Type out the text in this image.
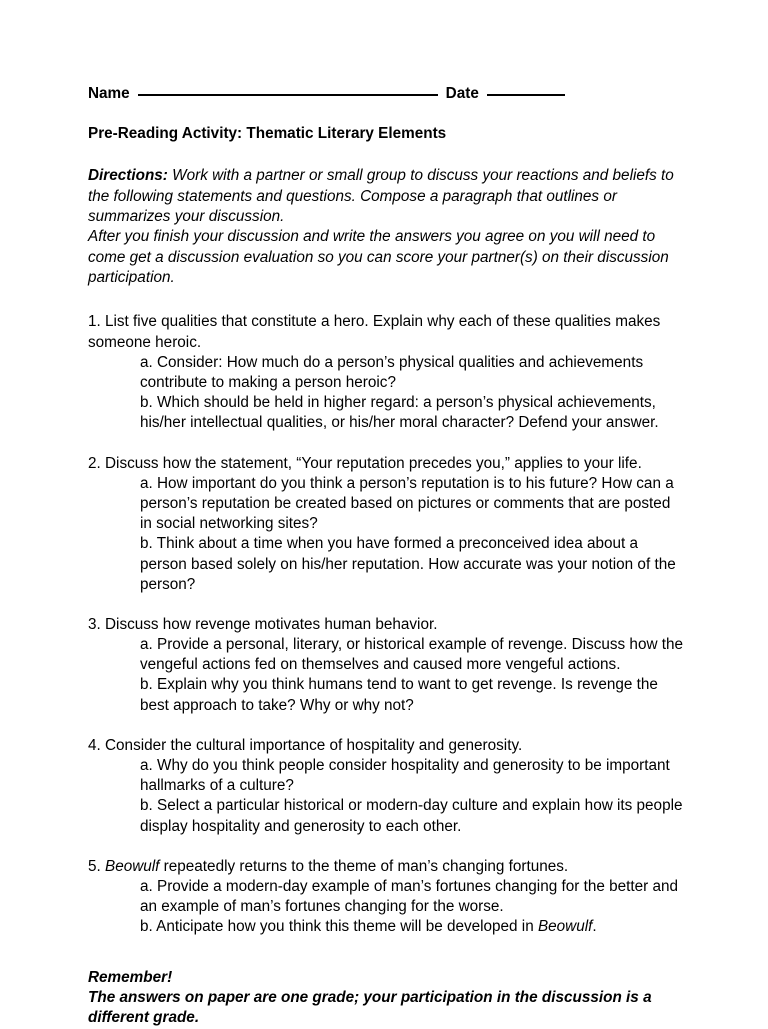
Name	Date
Pre-Reading Activity: Thematic Literary Elements

Directions: Work with a partner or small group to discuss your reactions and beliefs to the following statements and questions. Compose a paragraph that outlines or summarizes your discussion.

After you finish your discussion and write the answers you agree on you will need to come get a discussion evaluation so you can score your partner(s) on their discussion participation.

1. List five qualities that constitute a hero. Explain why each of these qualities makes someone heroic.

a. Consider: How much do a person’s physical qualities and achievements contribute to making a person heroic?

b. Which should be held in higher regard: a person’s physical achievements, his/her intellectual qualities, or his/her moral character? Defend your answer.

2. Discuss how the statement, “Your reputation precedes you,” applies to your life.

a. How important do you think a person’s reputation is to his future? How can a person’s reputation be created based on pictures or comments that are posted in social networking sites?

b. Think about a time when you have formed a preconceived idea about a person based solely on his/her reputation. How accurate was your notion of the person?

3. Discuss how revenge motivates human behavior.

a. Provide a personal, literary, or historical example of revenge. Discuss how the vengeful actions fed on themselves and caused more vengeful actions.

b. Explain why you think humans tend to want to get revenge. Is revenge the best approach to take? Why or why not?

4. Consider the cultural importance of hospitality and generosity.

a. Why do you think people consider hospitality and generosity to be important hallmarks of a culture?

b. Select a particular historical or modern-day culture and explain how its people display hospitality and generosity to each other.

5. Beowulf repeatedly returns to the theme of man’s changing fortunes.

a. Provide a modern-day example of man’s fortunes changing for the better and an example of man’s fortunes changing for the worse.

b. Anticipate how you think this theme will be developed in Beowulf.

Remember!

The answers on paper are one grade; your participation in the discussion is a different grade.
